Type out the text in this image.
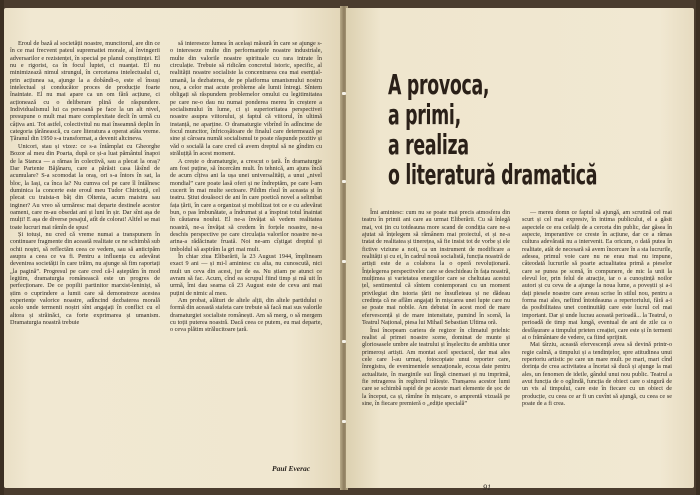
Eroul de bază al societății noastre, muncitorul, are din ce în ce mai frecvent pateul suprematiei morale, al învingerii adversarilor e rezistenței, în special pe planul conștiinței. El nu e rigorist, ca în focul luptei, ci nuanțat. El nu minimizează nimul strungul, în cercetarea intelectualul ci, prin acțiunea sa, ajunge la a dobândi-o, este el însuși intelectual și conducător proces de producție foarte înaintate. El nu mai apare ca un om fără acțiune, ci acționează cu o deliberare plină de răspundere. Individualismul lui ca persoană pe face la un alt nivel, presupune o mult mai mare complexitate decît în urmă cu câțiva ani. Tot astfel, colectivitul nu mai înseamnă deplin în categoria țărănească, cu care literatura a operat atâta vreme. Țăranul din 1950 s-a transformat, a devenit altcineva.

Unicori, stau și vizez: ce s-a întâmplat cu Gheorghe Bozor al meu din Poarta, după ce și-a luat pământul înapoi de la Stanca — a rămas în colectivă, sau a plecat la oraș? Dar Partenie Băjănaru, care a părăsit casa lăsînd de acumulare? S-a scomodat la oraș, ori s-a întors în sat, la bloc, la Iași, ca înca la? Nu cumva cel pe care îl întâlnesc duminica la concerte este eroul meu Tudor Chiricuță, cel plecat cu traista-n băț din Oltenia, acum maistru sau inginer? Au vreo să urmăresc mai departe destinele acestor oameni, care m-au obsedat ani și luni în șir. Dar sînt așa de mulți! E așa de diverse pesajul, atît de colorat! Altfel se mai toate lucruri mai rămîn de spus!

Și totuși, nu cred că vreme numai a transpunem în continuare fragmente din această realitate ce ne schimbă sub ochii noștri, să reflectăm ceea ce vedem, sau să anticipăm asupra a ceea ce va fi. Pentru a influența cu adevărat devenirea societății în care trăim, nu ajunge să fim raportați „la pagină”. Progresul pe care cred că-l așteptăm în mod legitim, dramaturgia românească este un progres de perfecționare. De ce popilii partinitor marxist-leninișt, să știm o cuprindere a lumii care să demonstreze acestea experiențe valorice noastre, adîncind dezbaterea morală acolo unde termenii noștri sînt angajați în conflict cu el altora și străinăci, ca forte exprimarea și umanism. Dramaturgia noastră trebuie

să intereseze lumea în același măsură în care se ajunge s-o intereseze multe din performanțele noastre industriale, multe din valorile noastre spirituale cu rara intrate în circulație. Trebuie să ridicăm concretul istoric, specific, al realității noastre socialiste la concentrarea cea mai esențial-umană, la dezbaterea, de pe platforma umanismului nostru nou, a celor mai acute probleme ale lumii întregi. Sîntem obligați să răspundem problemelor omului cu legitimitatea pe care ne-o dau nu numai ponderea mereu în creștere a socialismului în lume, ci și superioritatea perspectivei noastre asupra viitorului, și faptul că viitorul, în ultimă instanță, ne aparține. O dramaturgie vibrînd în adîncime de focul muncitor, înfricoșătoare de finalul care determează pe sine și câroara număi socialismul te poate răspunde pozitiv și văd o socială la care cred că avem dreptul să ne gîndim cu străluțiță în acest moment.

A crește o dramaturgie, a crescut o țară. În dramaturgie am fost puține, să încercăm mult. În tehnică, am ajuns încă de acum cîțiva ani la ușa unei universalități, a unui „nivel mondial” care poate lasă oferi și ne îndreptăm, pe care l-am cucerit în mai multe sectoare. Pildim rîsul în aceasta și în teatru. Știut douăsoci de ani în care poetică novel a selimbat fața țării, în care a organizat și mobilizat tot ce e cu adevărat bun, o pas îmbunătate, a îndrumat și a înspirat totul înaintat în căutarea noului. El ne-a învățat să vedem realitatea noastră, ne-a învățat să credem în forțele noastre, ne-a deschis perspective pe care circulația valorilor noastre ne-a arina-a rădăcinate fruată. Noi ne-am cîștigat dreptul și imboldul să aspirăm la gri mai mult.

În chiar ziua Elibarării, la 23 August 1944, împlineam exact 9 ani — și mi-l amintesc cu alta, nu cunoscută, nici mult un ceva din acest, jur de ea. Nu știam pe atunci ce avram să fac. Acum, cînd ea scrupul fiind timp și mă uit în urmă, îmi dau seama că 23 August este de ceva ani mai puțini de nimic al meu.

Am probat, alături de altele alții, din altele partidului o formă din această stafeta care trebuie să facă mai sus valorile dramaturgiei socialiste românești. Am să merg, o să mergem cu toții puterea noastră. Dacă ceea ce putem, eu mai departe, o ceva plătim strălucitoare țară.

Paul Everac
A provoca,
a primi,
a realiza
o literatură dramatică

Îmi amintesc: cum nu se poate mai precis atmosfera din teatru în primii ani care au urmat Eliberării. Cu să înlegă mai, voi țin cu totdeauna more scand de condiția care ne-a ajutat să înțelegem să rămânem mai proiectul, ei și ne-a tratat de realitatea și tinerețea, să fie insist tot de vorbe și ele fictive viziune a noii, ca un instrument de modificare a realității și cu ei, în cadrul nouă socialistă, funcția noastră de artiști este de a colabora la o operă revoluționară. Înțelegerea perspectivelor care se deschideau în fața noastră, mulțimea și varietatea energiilor care se cheltuiau acestui țel, sentimentul că sîntem contemporani cu un moment privilegiat din istoria țării ne însufleteau și ne dădeau credința că ne aflăm angajați în mișcarea unei lupte care nu se poate mai nobile. Am debutat în acest mod de mare efervescență și de mare intensitate, pumind în scenă, la Teatrul Național, piesa lui Mihail Sebastian Ultima oră.

Însi începeam cariera de regizor în climatul prielnic realist al primei noastre scene, dominat de munte și gloriosasele umbre ale teatrului și înșelecitu de ambitia unor primeroși artiști. Am montat acel spectacol, dar mai ales cele care l-au urmat, fotocopiate unui reporter care, înregistra, de evenimentele senzaționale, ecoua date pentru actualitate, în marginile sui lîngă cinemaei și nu imprimă, fie retragerea în regîtorul trăiește. Tranșarea acestor lumi care se schimbă rapid de pe aceste mari elemente de șoc de la început, ca și, rămîne în mișcare, o amprentă vizuală pe sine, în fiecare premieră o „ediție specială”

— mereu domn ce faptul să ajungă, am scrutină cel mai scurt și cel mai expresiv, în intima publicului, el a găsit aspectele ce era ceilalți de a cerceta din public, dar găsea în aspecte, imperantive ce creste în acțiune, dar ce a rămas cultura adevărată nu a intervenit. Ea oricum, o dată putea în realitate, atât de necesară să avem încercare în a sta lucrurile, adesea, primul voie care nu ne erau mai nu impune, câteodată lucrurile să poarte actualitatea primă a pieselor care se punea pe scenă, în compunere, de mic la unii la elevul lor, prin felul de atracție, iar o a cunoștință noilor autori și cu ceva de a ajunge la noua lume, a poveștii și a-i dați piesele noastre care aveau scrise în stilul nou, pentru a forma mai ales, nefiind întotdeauna a repertoriului, fără a-i da posibilitatea unei continuități care este lucrul cel mai important. Dar și unde lucrau această perioadă... la Teatrul, o perioadă de timp mai lungă, eventual de ani de zile ca o desfășurare a timpului prieten creației, care este și în termeni ai o frământare de vedere, ca fiind sprijinit.

Mai târziu, această efervescență avea să devină printr-o regie calmă, a timpului și a tendințelor, spre atitudinea unui repertoriu artistic pe care un mare mult. pe mari, mari cînd dorința de crea activitatea a încetat să ducă și ajunge la mai ales, un fenomen de ideile, gândul unui nou public. Teatrul a avut funcția de o oglindă, funcția de obiect care o singură de un vis al timpului, care este în fiecare cu un obiect de producție, cu ceea ce ar fi un cuvînt să ajungă, cu ceea ce se poate de a fi crea.

91
